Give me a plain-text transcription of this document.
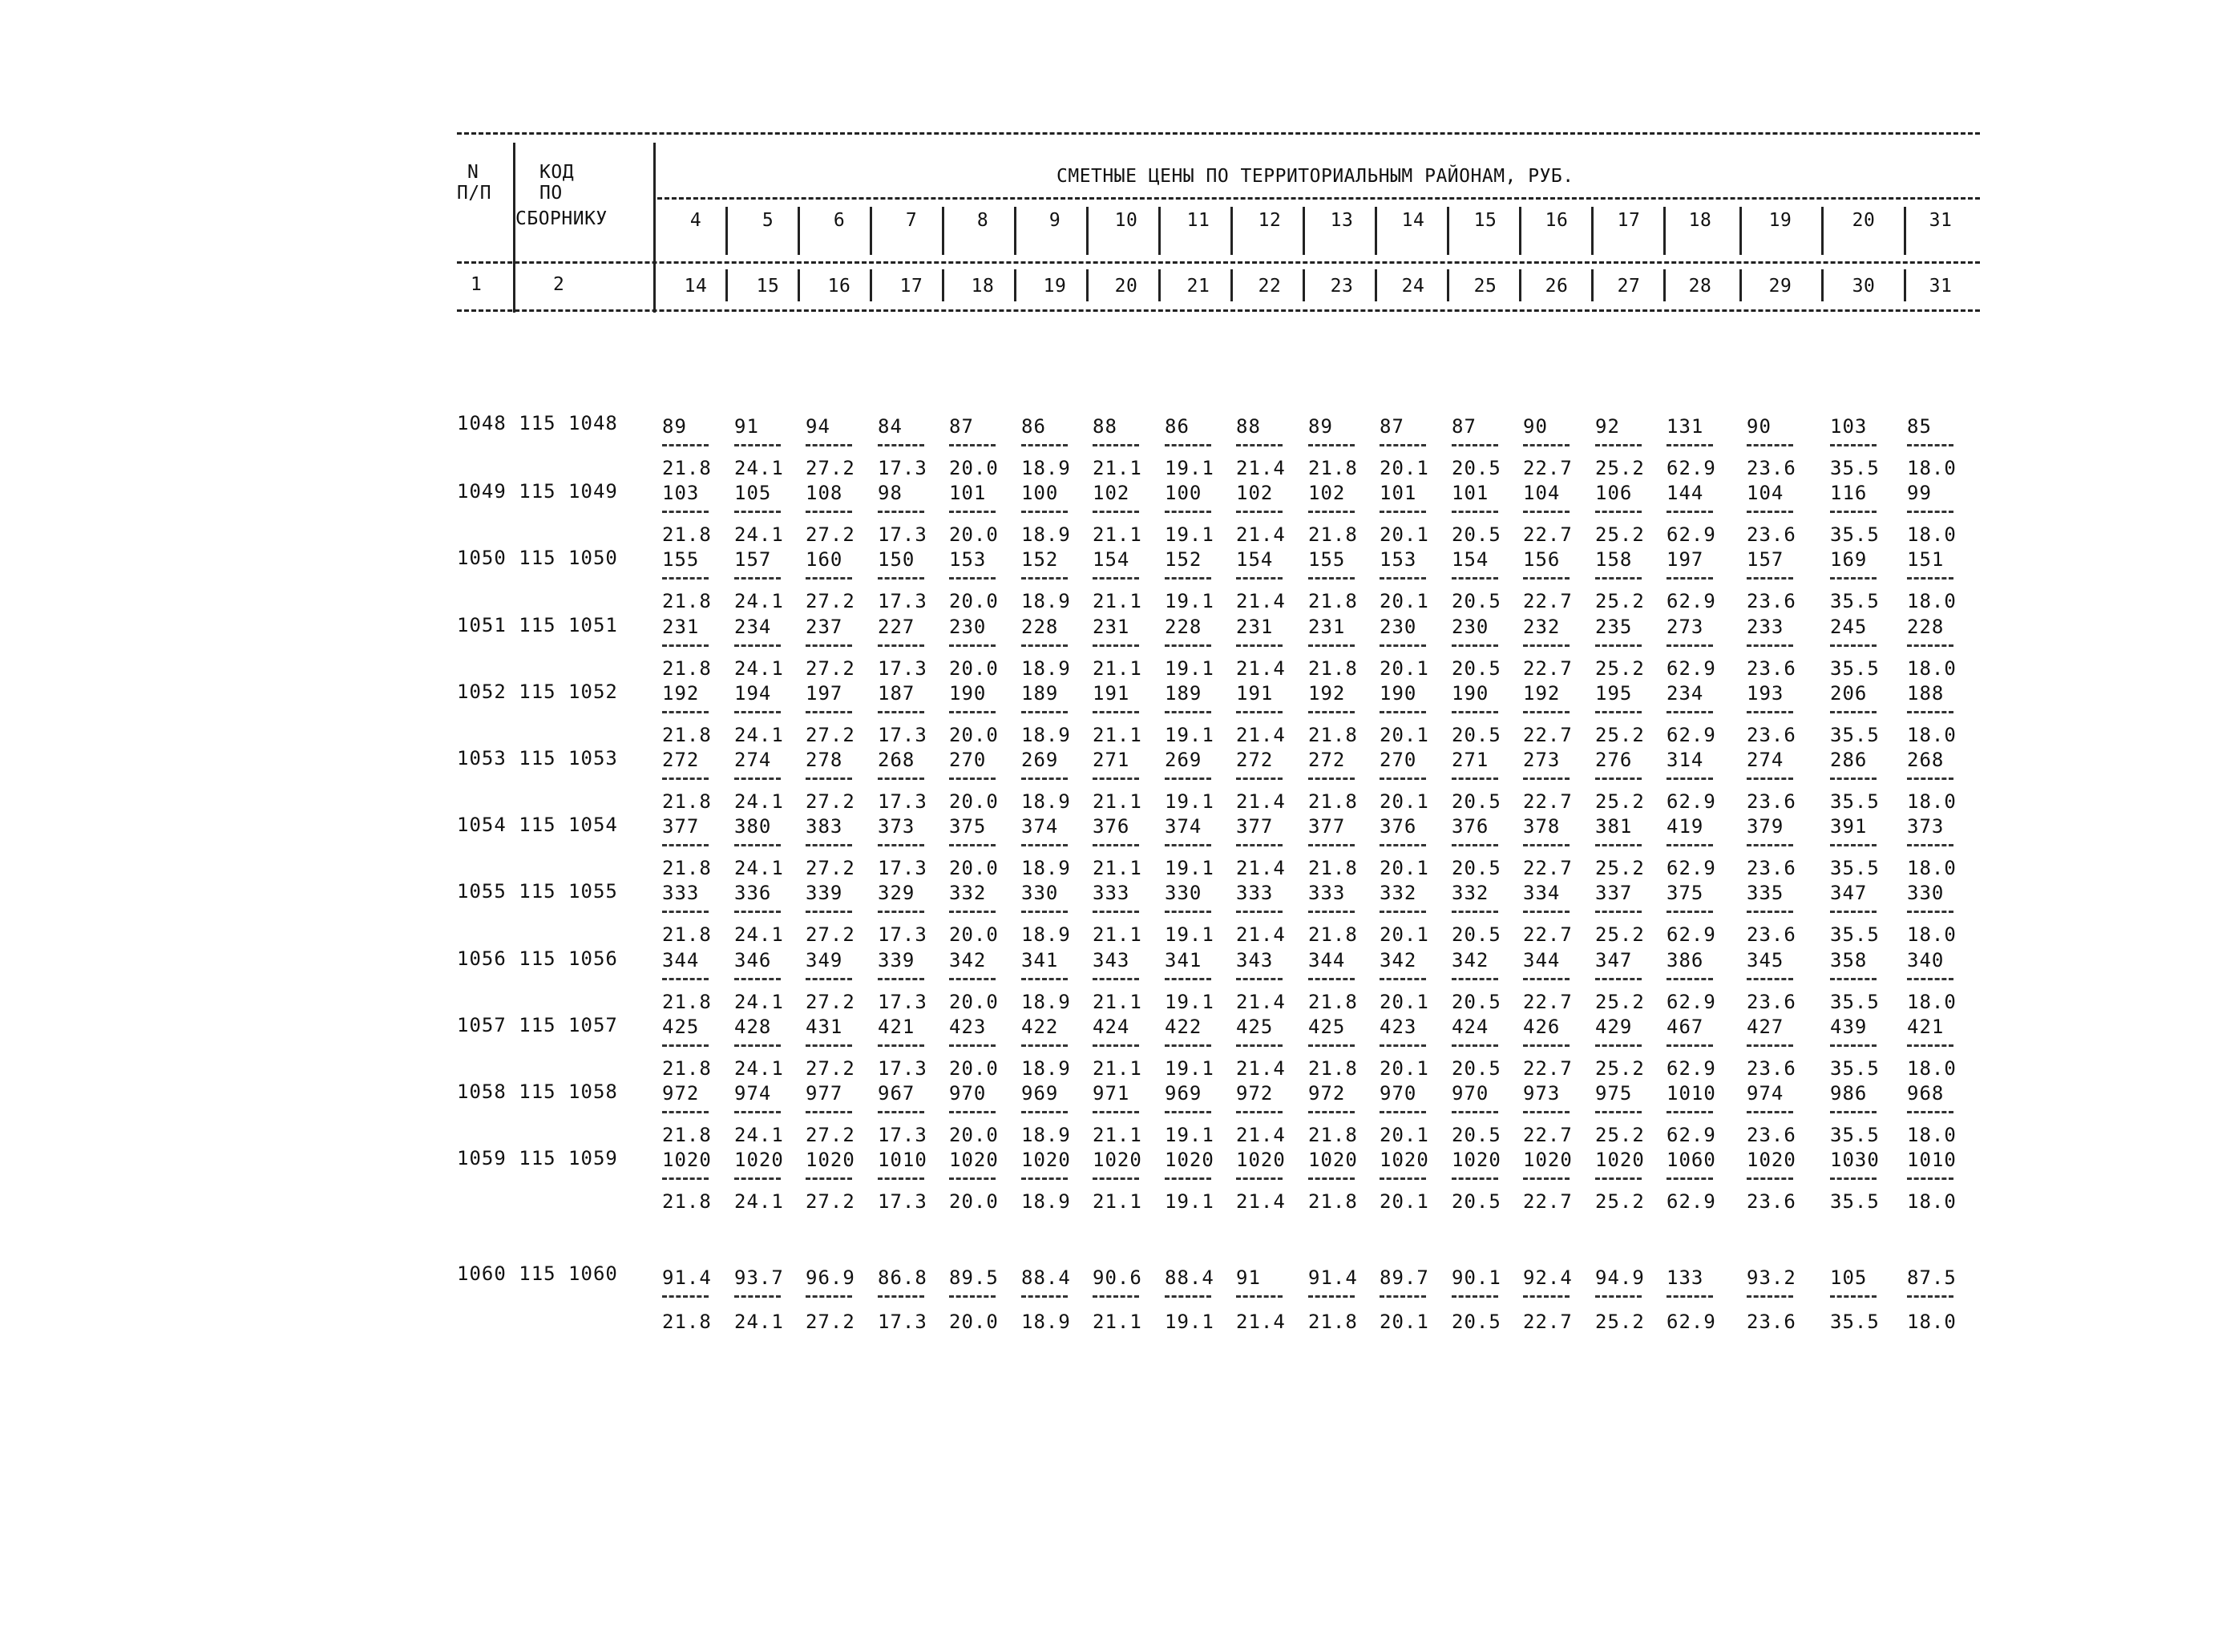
N
П/П
КОД
ПО
СБОРНИКУ
СМЕТНЫЕ ЦЕНЫ ПО ТЕРРИТОРИАЛЬНЫМ РАЙОНАМ, РУБ.
4	5	6	7	8	9	10	11	12	13	14	15	16	17	18	19	20	31
1	2	14	15	16	17	18	19	20	21	22	23	24	25	26	27	28	29	30	31
1048 115 1048 89 91 94 84 87 86 88 86 88 89 87 87 90 92 131 90	103 85
21.8 24.1 27.2 17.3 20.0 18.9 21.1 19.1 21.4 21.8 20.1 20.5 22.7 25.2 62.9 23.6 35.5 18.0
1049 115 1049 103 105 108 98 101 100 102 100 102 102 101 101 104 106 144 104 116 99
21.8 24.1 27.2 17.3 20.0 18.9 21.1 19.1 21.4 21.8 20.1 20.5 22.7 25.2 62.9 23.6 35.5 18.0
1050 115 1050 155 157 160 150 153 152 154 152 154 155 153 154 156 158 197 157 169 151
21.8 24.1 27.2 17.3 20.0 18.9 21.1 19.1 21.4 21.8 20.1 20.5 22.7 25.2 62.9 23.6 35.5 18.0
1051 115 1051 231 234 237 227 230 228 231 228 231 231 230 230 232 235 273 233 245 228
21.8 24.1 27.2 17.3 20.0 18.9 21.1 19.1 21.4 21.8 20.1 20.5 22.7 25.2 62.9 23.6 35.5 18.0
1052 115 1052 192 194 197 187 190 189 191 189 191 192 190 190 192 195 234 193 206 188
21.8 24.1 27.2 17.3 20.0 18.9 21.1 19.1 21.4 21.8 20.1 20.5 22.7 25.2 62.9 23.6 35.5 18.0
1053 115 1053 272 274 278 268 270 269 271 269 272 272 270 271 273 276 314 274 286 268
21.8 24.1 27.2 17.3 20.0 18.9 21.1 19.1 21.4 21.8 20.1 20.5 22.7 25.2 62.9 23.6 35.5 18.0
1054 115 1054 377 380 383 373 375 374 376 374 377 377 376 376 378 381 419 379 391 373
21.8 24.1 27.2 17.3 20.0 18.9 21.1 19.1 21.4 21.8 20.1 20.5 22.7 25.2 62.9 23.6 35.5 18.0
1055 115 1055 333 336 339 329 332 330 333 330 333 333 332 332 334 337 375 335 347 330
21.8 24.1 27.2 17.3 20.0 18.9 21.1 19.1 21.4 21.8 20.1 20.5 22.7 25.2 62.9 23.6 35.5 18.0
1056 115 1056 344 346 349 339 342 341 343 341 343 344 342 342 344 347 386 345 358 340
21.8 24.1 27.2 17.3 20.0 18.9 21.1 19.1 21.4 21.8 20.1 20.5 22.7 25.2 62.9 23.6 35.5 18.0
1057 115 1057 425 428 431 421 423 422 424 422 425 425 423 424 426 429 467 427 439 421
21.8 24.1 27.2 17.3 20.0 18.9 21.1 19.1 21.4 21.8 20.1 20.5 22.7 25.2 62.9 23.6 35.5 18.0
1058 115 1058 972 974 977 967 970 969 971 969 972 972 970 970 973 975 1010 974 986 968
21.8 24.1 27.2 17.3 20.0 18.9 21.1 19.1 21.4 21.8 20.1 20.5 22.7 25.2 62.9 23.6 35.5 18.0
1059 115 1059 1020 1020 1020 1010 1020 1020 1020 1020 1020 1020 1020 1020 1020 1020 1060 1020 1030 1010
21.8 24.1 27.2 17.3 20.0 18.9 21.1 19.1 21.4 21.8 20.1 20.5 22.7 25.2 62.9 23.6 35.5 18.0
1060 115 1060 91.4 93.7 96.9 86.8 89.5 88.4 90.6 88.4 91 91.4 89.7 90.1 92.4 94.9 133 93.2 105 87.5
21.8 24.1 27.2 17.3 20.0 18.9 21.1 19.1 21.4 21.8 20.1 20.5 22.7 25.2 62.9 23.6 35.5 18.0
